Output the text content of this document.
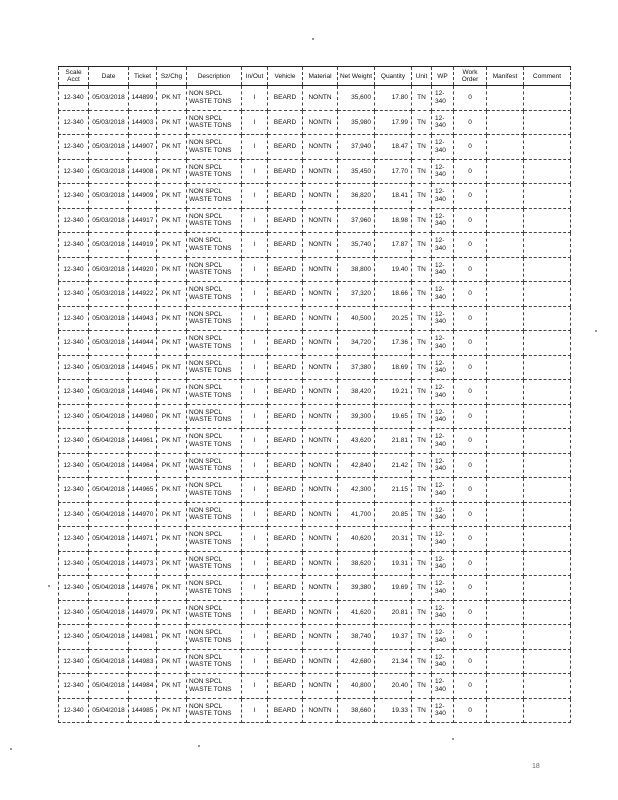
Scale Acct	Date	Ticket	Sz/Chg	Description	In/Out	Vehicle	Material	Net Weight	Quantity	Unit	WP	Work Order	Manifest	Comment

12-340	05/03/2018	144899	PK NT	NON SPCL WASTE TONS	I	BEARD	NONTN	35,600	17.80	TN	12-340	0		
12-340	05/03/2018	144903	PK NT	NON SPCL WASTE TONS	I	BEARD	NONTN	35,980	17.99	TN	12-340	0		
12-340	05/03/2018	144907	PK NT	NON SPCL WASTE TONS	I	BEARD	NONTN	37,940	18.47	TN	12-340	0		
12-340	05/03/2018	144908	PK NT	NON SPCL WASTE TONS	I	BEARD	NONTN	35,450	17.70	TN	12-340	0		
12-340	05/03/2018	144909	PK NT	NON SPCL WASTE TONS	I	BEARD	NONTN	36,820	18.41	TN	12-340	0		
12-340	05/03/2018	144917	PK NT	NON SPCL WASTE TONS	I	BEARD	NONTN	37,960	18.98	TN	12-340	0		
12-340	05/03/2018	144919	PK NT	NON SPCL WASTE TONS	I	BEARD	NONTN	35,740	17.87	TN	12-340	0		
12-340	05/03/2018	144920	PK NT	NON SPCL WASTE TONS	I	BEARD	NONTN	38,800	19.40	TN	12-340	0		
12-340	05/03/2018	144922	PK NT	NON SPCL WASTE TONS	I	BEARD	NONTN	37,320	18.66	TN	12-340	0		
12-340	05/03/2018	144943	PK NT	NON SPCL WASTE TONS	I	BEARD	NONTN	40,500	20.25	TN	12-340	0		
12-340	05/03/2018	144944	PK NT	NON SPCL WASTE TONS	I	BEARD	NONTN	34,720	17.36	TN	12-340	0		
12-340	05/03/2018	144945	PK NT	NON SPCL WASTE TONS	I	BEARD	NONTN	37,380	18.69	TN	12-340	0		
12-340	05/03/2018	144946	PK NT	NON SPCL WASTE TONS	I	BEARD	NONTN	38,420	19.21	TN	12-340	0		
12-340	05/04/2018	144960	PK NT	NON SPCL WASTE TONS	I	BEARD	NONTN	39,300	19.65	TN	12-340	0		
12-340	05/04/2018	144961	PK NT	NON SPCL WASTE TONS	I	BEARD	NONTN	43,620	21.81	TN	12-340	0		
12-340	05/04/2018	144964	PK NT	NON SPCL WASTE TONS	I	BEARD	NONTN	42,840	21.42	TN	12-340	0		
12-340	05/04/2018	144965	PK NT	NON SPCL WASTE TONS	I	BEARD	NONTN	42,300	21.15	TN	12-340	0		
12-340	05/04/2018	144970	PK NT	NON SPCL WASTE TONS	I	BEARD	NONTN	41,700	20.85	TN	12-340	0		
12-340	05/04/2018	144971	PK NT	NON SPCL WASTE TONS	I	BEARD	NONTN	40,620	20.31	TN	12-340	0		
12-340	05/04/2018	144973	PK NT	NON SPCL WASTE TONS	I	BEARD	NONTN	38,620	19.31	TN	12-340	0		
12-340	05/04/2018	144976	PK NT	NON SPCL WASTE TONS	I	BEARD	NONTN	39,380	19.69	TN	12-340	0		
12-340	05/04/2018	144979	PK NT	NON SPCL WASTE TONS	I	BEARD	NONTN	41,620	20.81	TN	12-340	0		
12-340	05/04/2018	144981	PK NT	NON SPCL WASTE TONS	I	BEARD	NONTN	38,740	19.37	TN	12-340	0		
12-340	05/04/2018	144983	PK NT	NON SPCL WASTE TONS	I	BEARD	NONTN	42,680	21.34	TN	12-340	0		
12-340	05/04/2018	144984	PK NT	NON SPCL WASTE TONS	I	BEARD	NONTN	40,800	20.40	TN	12-340	0		
12-340	05/04/2018	144985	PK NT	NON SPCL WASTE TONS	I	BEARD	NONTN	38,660	19.33	TN	12-340	0		
18
